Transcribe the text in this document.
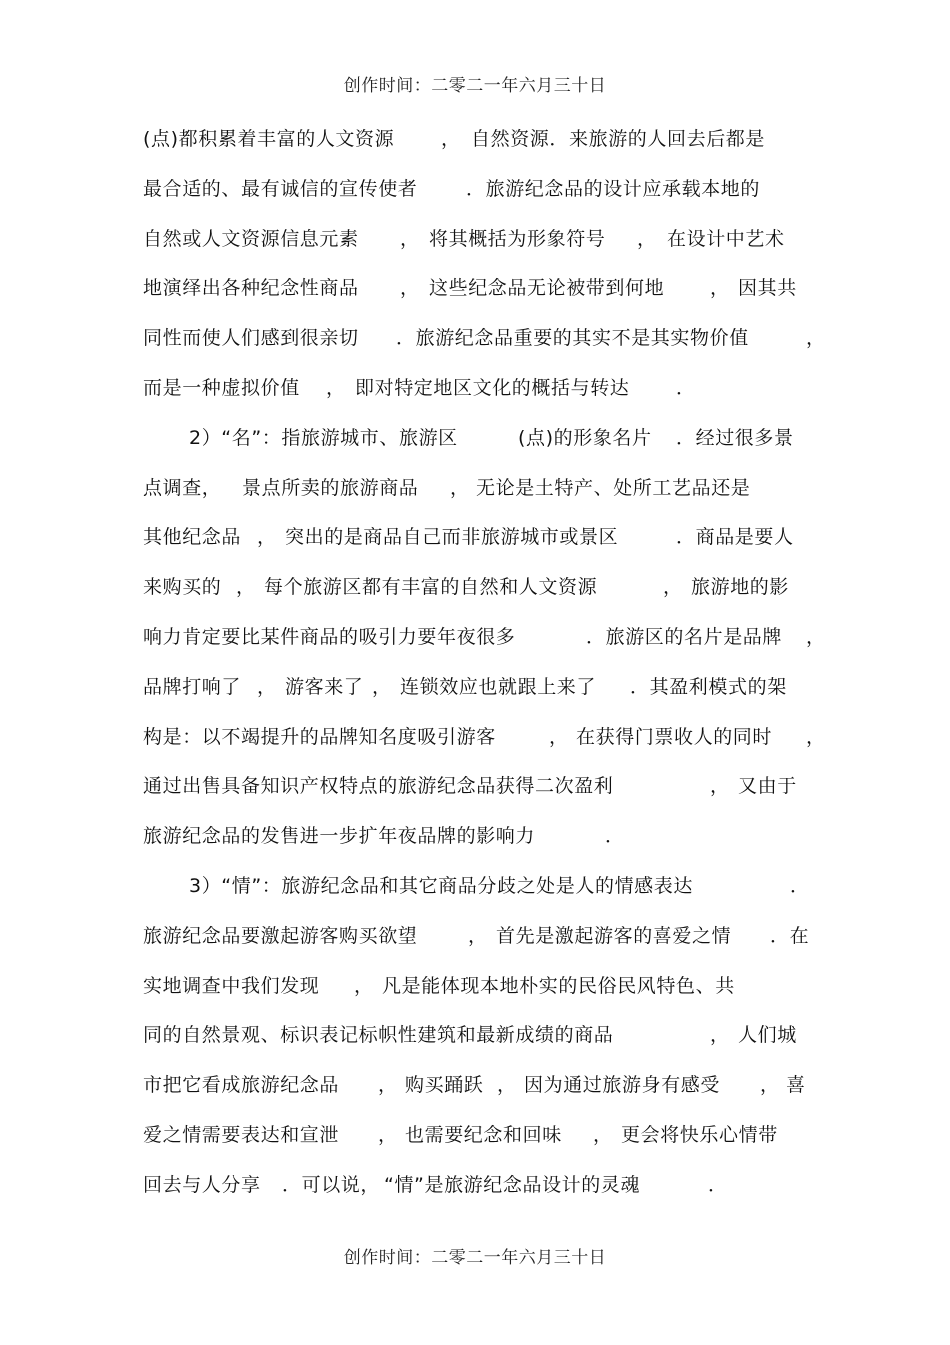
创作时间：二零二一年六月三十日
(点)都积累着丰富的人文资源 ， 自然资源．来旅游的人回去后都是
最合适的、最有诚信的宣传使者	．旅游纪念品的设计应承载本地的
自然或人文资源信息元素 ， 将其概括为形象符号 ， 在设计中艺术
地演绎出各种纪念性商品 ， 这些纪念品无论被带到何地 ， 因其共
同性而使人们感到很亲切 ．旅游纪念品重要的其实不是其实物价值	，
而是一种虚拟价值 ， 即对特定地区文化的概括与转达 ．
2）“名”：指旅游城市、旅游区	(点)的形象名片 ．经过很多景
点调查， 景点所卖的旅游商品 ， 无论是土特产、处所工艺品还是
其他纪念品 ， 突出的是商品自己而非旅游城市或景区	．商品是要人
来购买的 ， 每个旅游区都有丰富的自然和人文资源	， 旅游地的影
响力肯定要比某件商品的吸引力要年夜很多	．旅游区的名片是品牌 ，
品牌打响了 ， 游客来了 ， 连锁效应也就跟上来了 ．其盈利模式的架
构是：以不竭提升的品牌知名度吸引游客	， 在获得门票收人的同时 ，
通过出售具备知识产权特点的旅游纪念品获得二次盈利	， 又由于
旅游纪念品的发售进一步扩年夜品牌的影响力	．
3）“情”：旅游纪念品和其它商品分歧之处是人的情感表达	．
旅游纪念品要激起游客购买欲望	， 首先是激起游客的喜爱之情 ．在
实地调查中我们发现 ， 凡是能体现本地朴实的民俗民风特色、共
同的自然景观、标识表记标帜性建筑和最新成绩的商品	， 人们城
市把它看成旅游纪念品 ， 购买踊跃 ， 因为通过旅游身有感受 ， 喜
爱之情需要表达和宣泄 ， 也需要纪念和回味 ， 更会将快乐心情带
回去与人分享 ．可以说， “情”是旅游纪念品设计的灵魂	．
创作时间：二零二一年六月三十日
